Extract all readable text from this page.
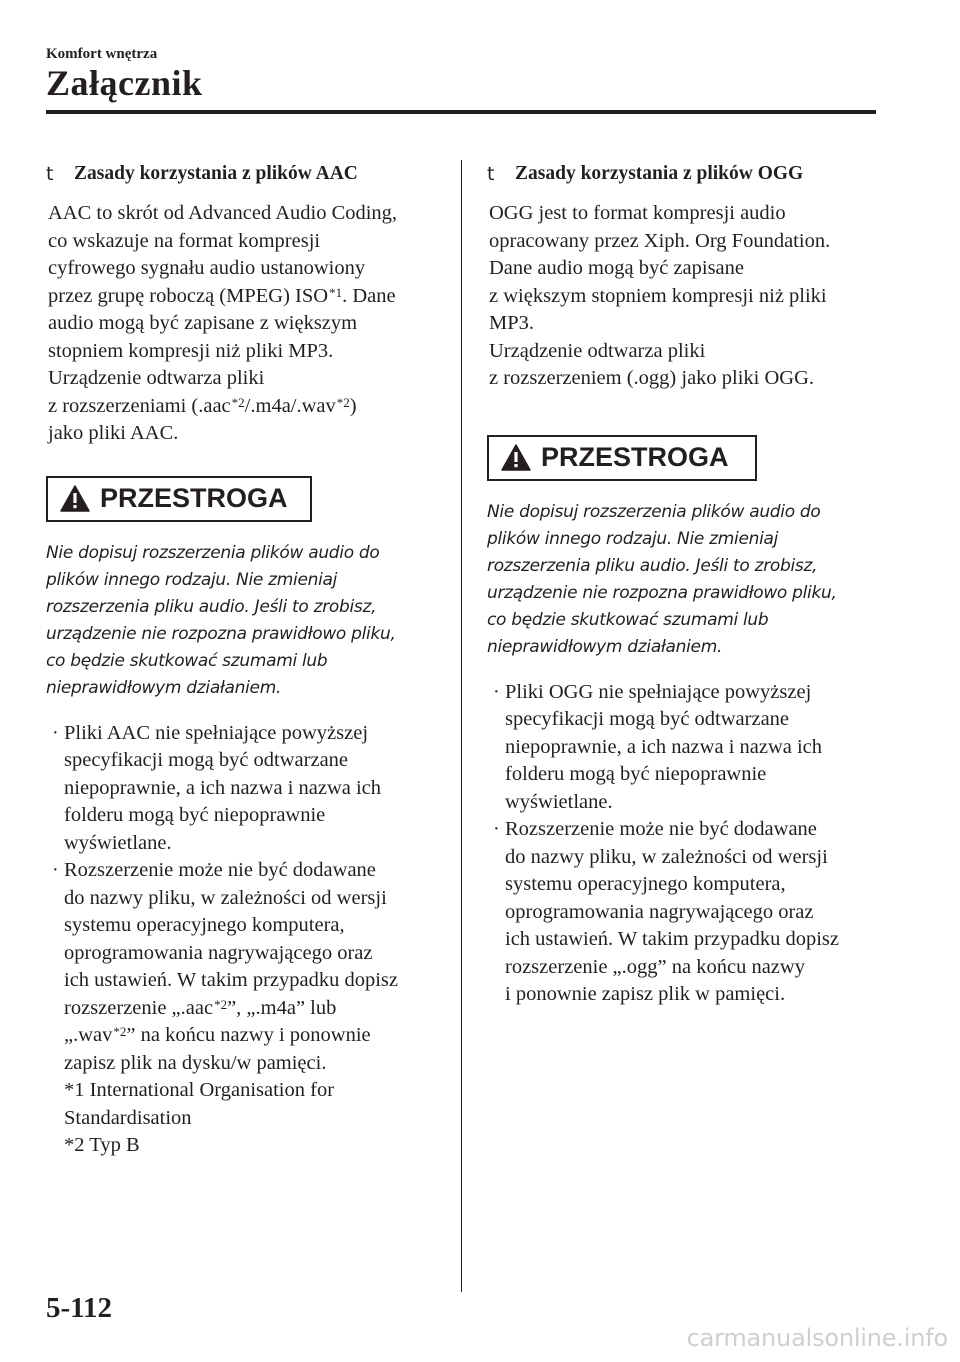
Komfort wnętrza
Załącznik
t Zasady korzystania z plików AAC

AAC to skrót od Advanced Audio Coding,

co wskazuje na format kompresji

cyfrowego sygnału audio ustanowiony

przez grupę roboczą (MPEG) ISO$^{*1}$. Dane

audio mogą być zapisane z większym

stopniem kompresji niż pliki MP3.

Urządzenie odtwarza pliki

z rozszerzeniami (.aac$^{*2}$/.m4a/.wav$^{*2}$)

jako pliki AAC.

PRZESTROGA
Nie dopisuj rozszerzenia plików audio do
plików innego rodzaju. Nie zmieniaj
rozszerzenia pliku audio. Jeśli to zrobisz,
urządzenie nie rozpozna prawidłowo pliku,
co będzie skutkować szumami lub
nieprawidłowym działaniem.
· Pliki AAC nie spełniające powyższej
specyfikacji mogą być odtwarzane
niepoprawnie, a ich nazwa i nazwa ich
folderu mogą być niepoprawnie
wyświetlane.
· Rozszerzenie może nie być dodawane
do nazwy pliku, w zależności od wersji
systemu operacyjnego komputera,
oprogramowania nagrywającego oraz
ich ustawień. W takim przypadku dopisz
rozszerzenie „.aac$^{*2}$”, „.m4a” lub
„.wav$^{*2}$” na końcu nazwy i ponownie
zapisz plik na dysku/w pamięci.
*1 International Organisation for
Standardisation
*2 Typ B
t Zasady korzystania z plików OGG

OGG jest to format kompresji audio

opracowany przez Xiph. Org Foundation.

Dane audio mogą być zapisane

z większym stopniem kompresji niż pliki

MP3.

Urządzenie odtwarza pliki

z rozszerzeniem (.ogg) jako pliki OGG.

PRZESTROGA
Nie dopisuj rozszerzenia plików audio do
plików innego rodzaju. Nie zmieniaj
rozszerzenia pliku audio. Jeśli to zrobisz,
urządzenie nie rozpozna prawidłowo pliku,
co będzie skutkować szumami lub
nieprawidłowym działaniem.
· Pliki OGG nie spełniające powyższej
specyfikacji mogą być odtwarzane
niepoprawnie, a ich nazwa i nazwa ich
folderu mogą być niepoprawnie
wyświetlane.
· Rozszerzenie może nie być dodawane
do nazwy pliku, w zależności od wersji
systemu operacyjnego komputera,
oprogramowania nagrywającego oraz
ich ustawień. W takim przypadku dopisz
rozszerzenie „.ogg” na końcu nazwy
i ponownie zapisz plik w pamięci.
5-112
carmanualsonline.info
